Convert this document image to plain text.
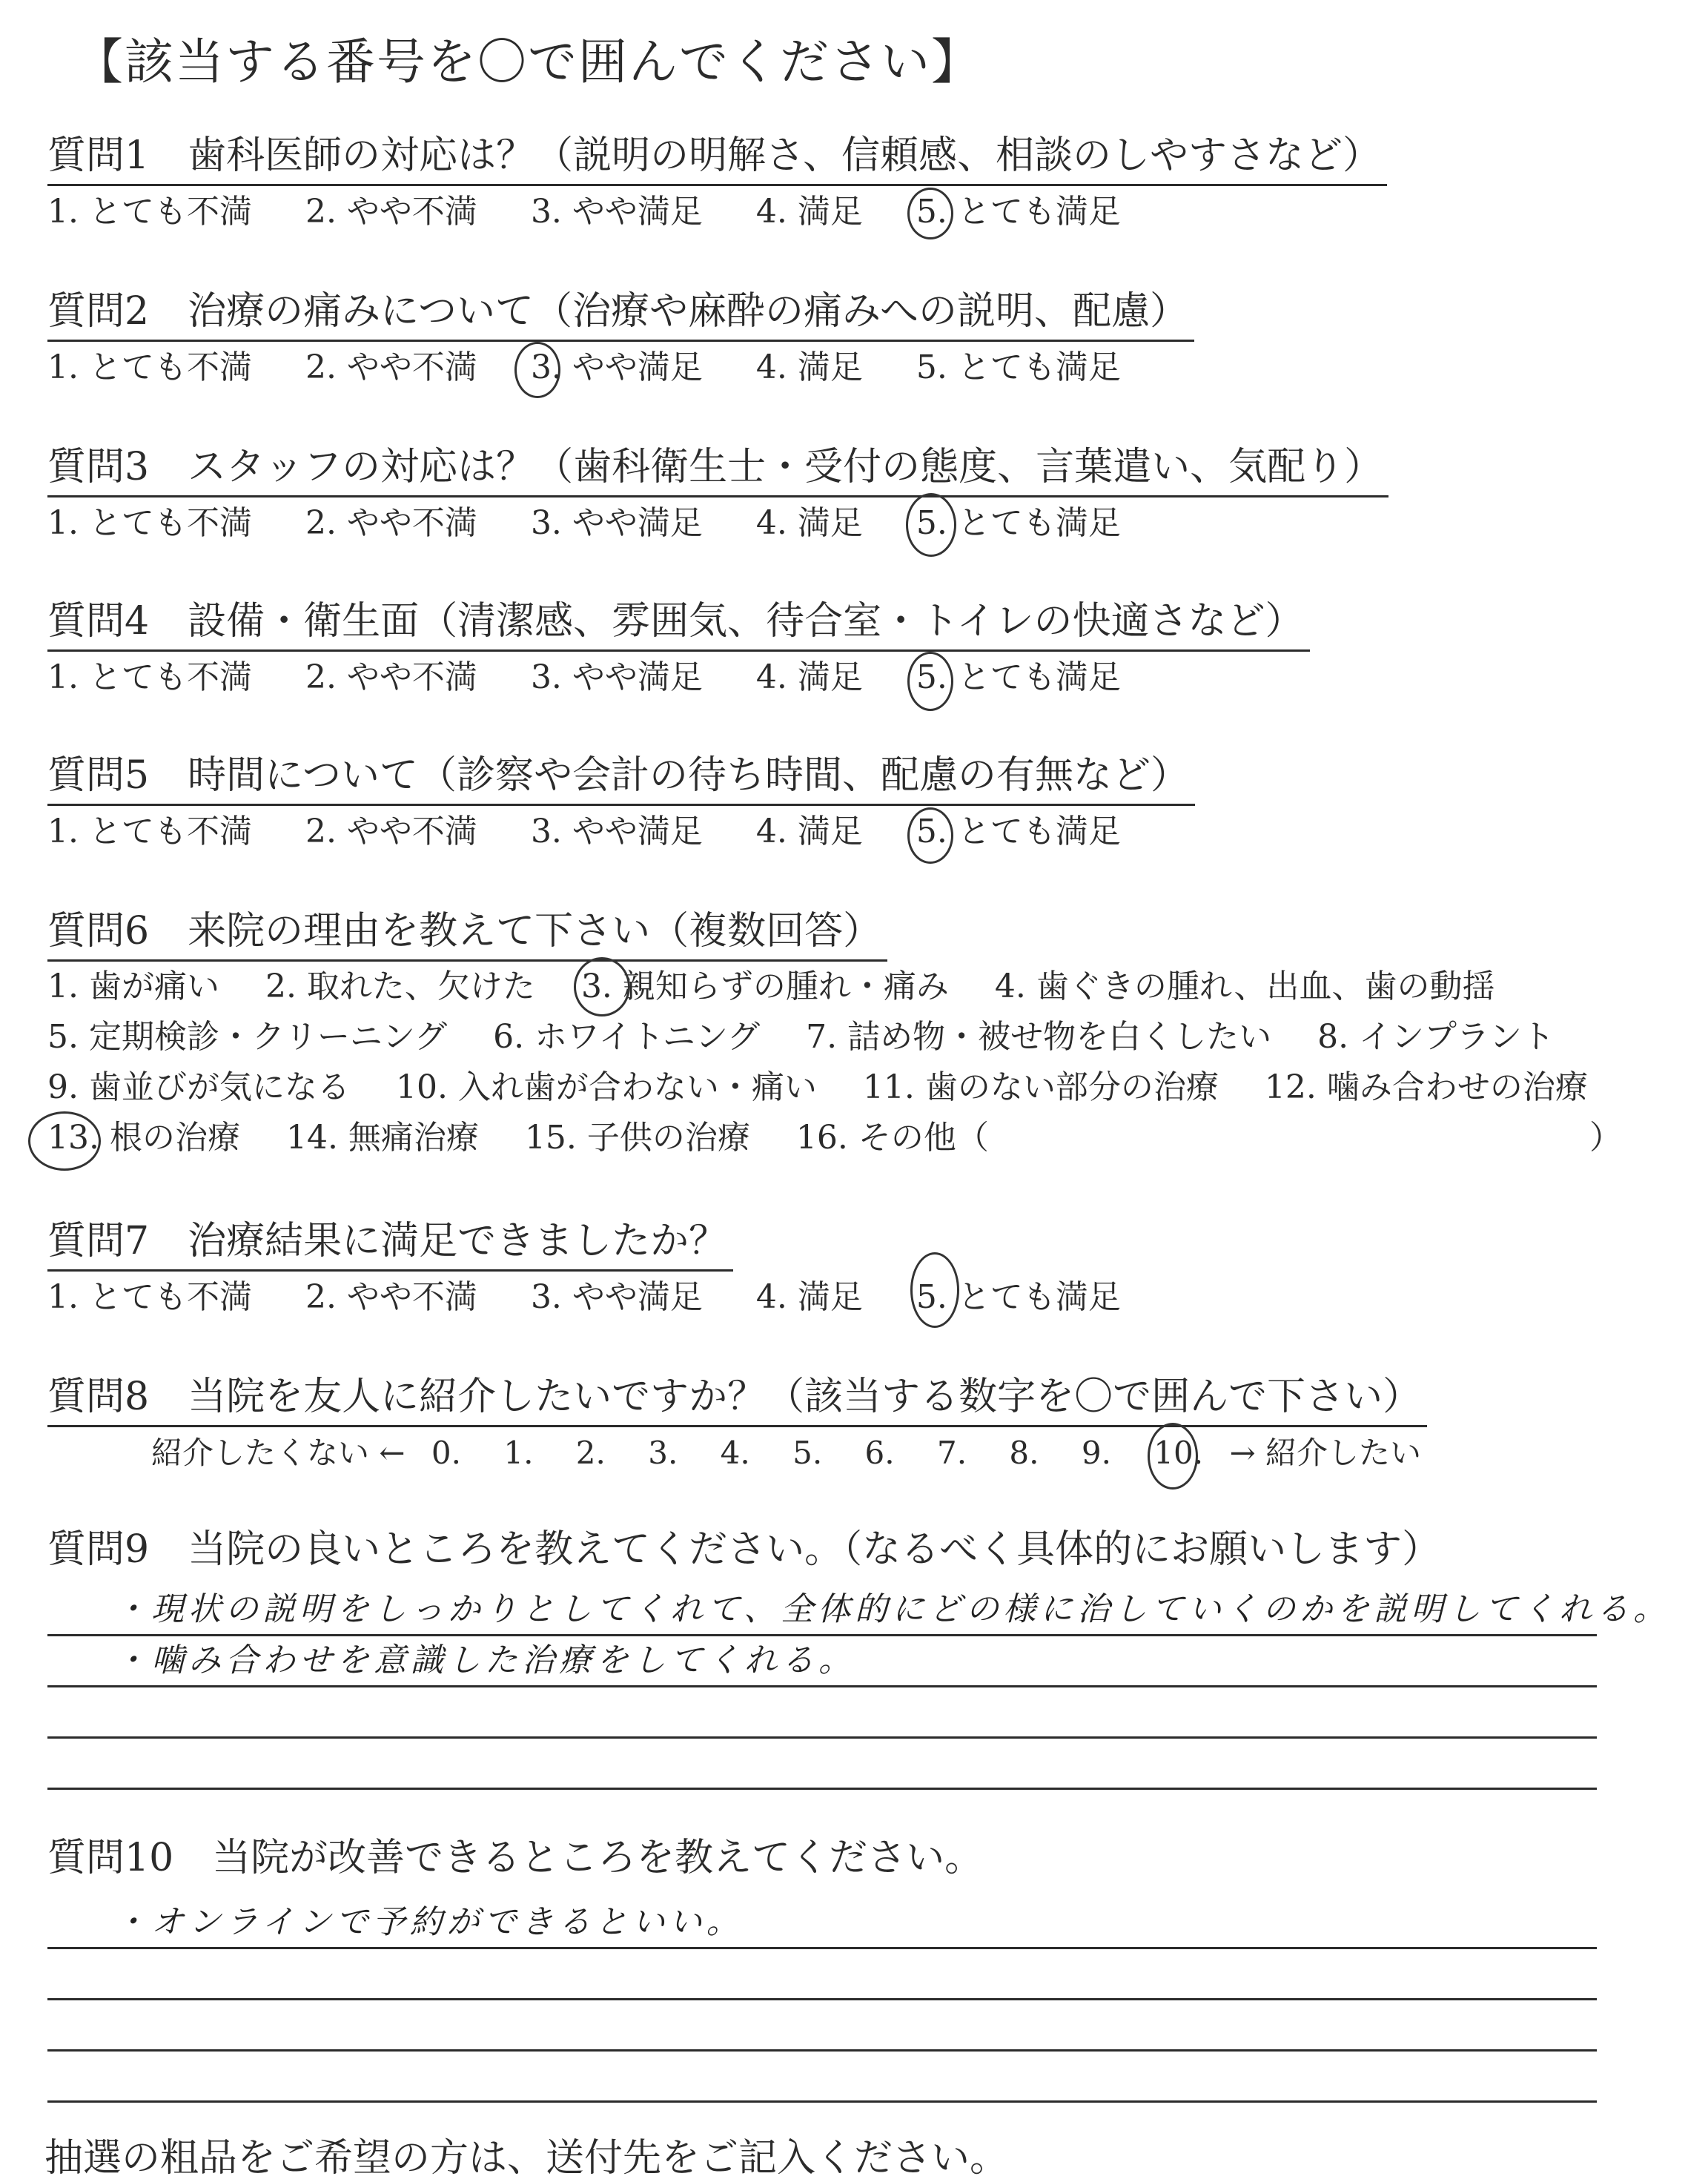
【該当する番号を〇で囲んでください】
質問1　歯科医師の対応は？（説明の明解さ、信頼感、相談のしやすさなど）
1. とても不満 2. やや不満 3. やや満足 4. 満足 5. とても満足
質問2　治療の痛みについて（治療や麻酔の痛みへの説明、配慮）
1. とても不満 2. やや不満 3. やや満足 4. 満足 5. とても満足
質問3　スタッフの対応は？（歯科衛生士・受付の態度、言葉遣い、気配り）
1. とても不満 2. やや不満 3. やや満足 4. 満足 5. とても満足
質問4　設備・衛生面（清潔感、雰囲気、待合室・トイレの快適さなど）
1. とても不満 2. やや不満 3. やや満足 4. 満足 5. とても満足
質問5　時間について（診察や会計の待ち時間、配慮の有無など）
1. とても不満 2. やや不満 3. やや満足 4. 満足 5. とても満足
質問6　来院の理由を教えて下さい（複数回答）
1. 歯が痛い 2. 取れた、欠けた 3. 親知らずの腫れ・痛み 4. 歯ぐきの腫れ、出血、歯の動揺
5. 定期検診・クリーニング 6. ホワイトニング 7. 詰め物・被せ物を白くしたい 8. インプラント
9. 歯並びが気になる 10. 入れ歯が合わない・痛い 11. 歯のない部分の治療 12. 噛み合わせの治療
13. 根の治療 14. 無痛治療 15. 子供の治療 16. その他（	）
質問7　治療結果に満足できましたか？
1. とても不満 2. やや不満 3. やや満足 4. 満足 5. とても満足
質問8　当院を友人に紹介したいですか？（該当する数字を〇で囲んで下さい）
紹介したくない ← 0. 1. 2. 3. 4. 5. 6. 7. 8. 9. 10. → 紹介したい
質問9　当院の良いところを教えてください。（なるべく具体的にお願いします）
・現状の説明をしっかりとしてくれて、全体的にどの様に治していくのかを説明してくれる。
・噛み合わせを意識した治療をしてくれる。
質問10　当院が改善できるところを教えてください。
・オンラインで予約ができるといい。
抽選の粗品をご希望の方は、送付先をご記入ください。
